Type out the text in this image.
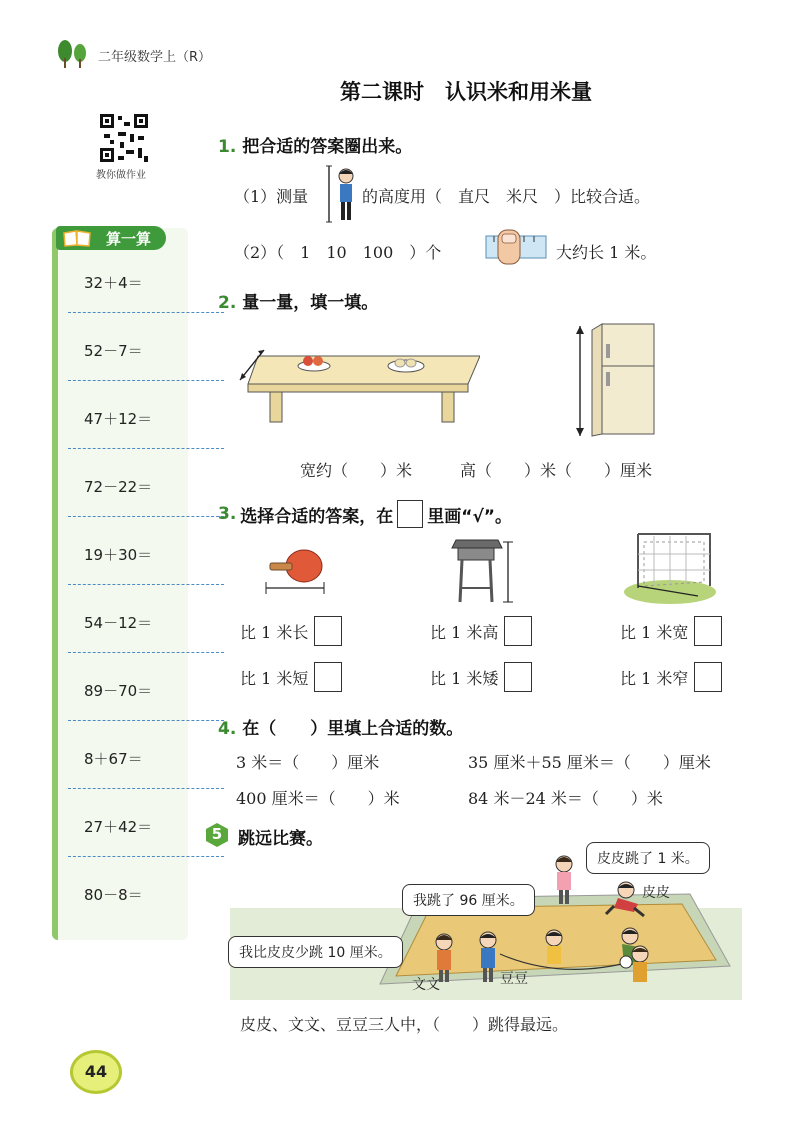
二年级数学上（R）
第二课时　认识米和用米量
教你做作业
32＋4＝
52－7＝
47＋12＝
72－22＝
19＋30＝
54－12＝
89－70＝
8＋67＝
27＋42＝
80－8＝
算一算
1. 把合适的答案圈出来。
（1）测量	的高度用（　直尺　米尺　）比较合适。
（2）（　1　10　100　）个	大约长 1 米。
2. 量一量，填一填。
宽约（　　）米　　　高（　　）米（　　）厘米
3. 选择合适的答案，在 里画“√”。
比 1 米长	比 1 米高	比 1 米宽
比 1 米短	比 1 米矮	比 1 米窄
4. 在（　　）里填上合适的数。
3 米＝（　　）厘米	35 厘米＋55 厘米＝（　　）厘米
400 厘米＝（　　）米	84 米－24 米＝（　　）米
5 跳远比赛。
皮皮跳了 1 米。
我跳了 96 厘米。
我比皮皮少跳 10 厘米。
皮皮
文文	豆豆
皮皮、文文、豆豆三人中，（　　）跳得最远。
44
